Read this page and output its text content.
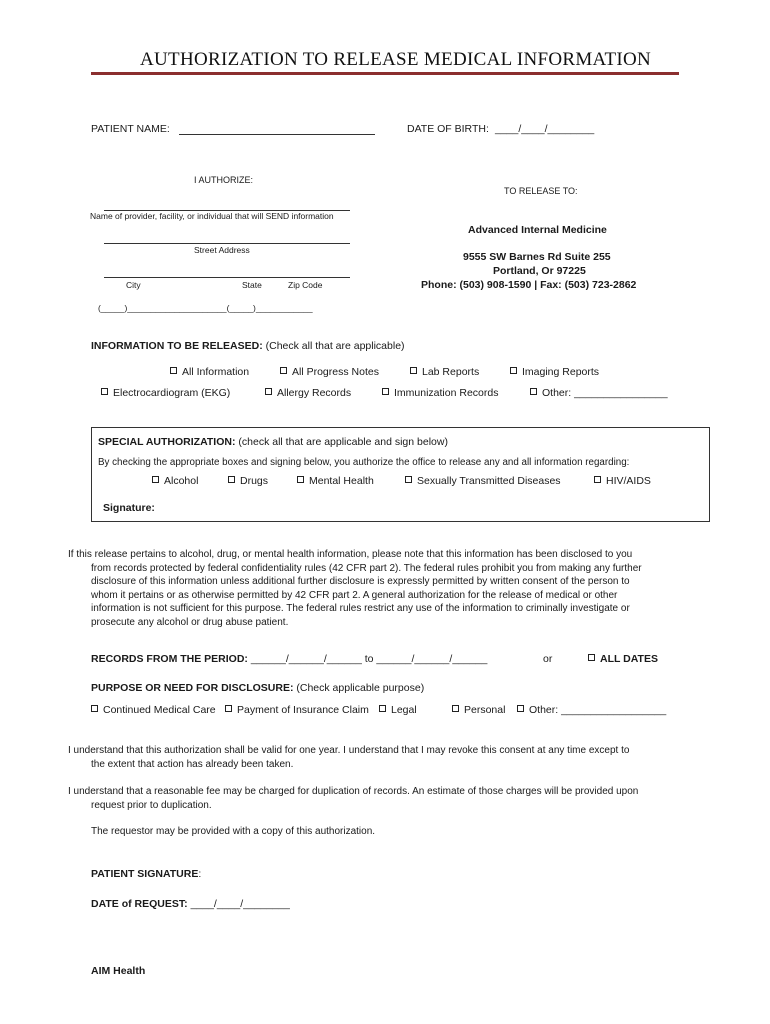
AUTHORIZATION TO RELEASE MEDICAL INFORMATION
PATIENT NAME:	DATE OF BIRTH: ____/____/________
I AUTHORIZE:
Name of provider, facility, or individual that will SEND information
Street Address
City	State	Zip Code
(_____)_____________________(_____)____________
TO RELEASE TO:
Advanced Internal Medicine
9555 SW Barnes Rd Suite 255
Portland, Or 97225
Phone: (503) 908-1590 | Fax: (503) 723-2862
INFORMATION TO BE RELEASED: (Check all that are applicable)
All Information	All Progress Notes	Lab Reports	Imaging Reports
Electrocardiogram (EKG)	Allergy Records	Immunization Records	Other: ________________
SPECIAL AUTHORIZATION: (check all that are applicable and sign below)
By checking the appropriate boxes and signing below, you authorize the office to release any and all information regarding:
Alcohol	Drugs	Mental Health	Sexually Transmitted Diseases	HIV/AIDS
Signature:
If this release pertains to alcohol, drug, or mental health information, please note that this information has been disclosed to you
from records protected by federal confidentiality rules (42 CFR part 2). The federal rules prohibit you from making any further
disclosure of this information unless additional further disclosure is expressly permitted by written consent of the person to
whom it pertains or as otherwise permitted by 42 CFR part 2. A general authorization for the release of medical or other
information is not sufficient for this purpose. The federal rules restrict any use of the information to criminally investigate or
prosecute any alcohol or drug abuse patient.
RECORDS FROM THE PERIOD: ______/______/______ to ______/______/______	or	ALL DATES
PURPOSE OR NEED FOR DISCLOSURE: (Check applicable purpose)
Continued Medical Care	Payment of Insurance Claim	Legal	Personal	Other: __________________
I understand that this authorization shall be valid for one year. I understand that I may revoke this consent at any time except to
the extent that action has already been taken.
I understand that a reasonable fee may be charged for duplication of records. An estimate of those charges will be provided upon
request prior to duplication.
The requestor may be provided with a copy of this authorization.
PATIENT SIGNATURE:
DATE of REQUEST: ____/____/________
AIM Health
